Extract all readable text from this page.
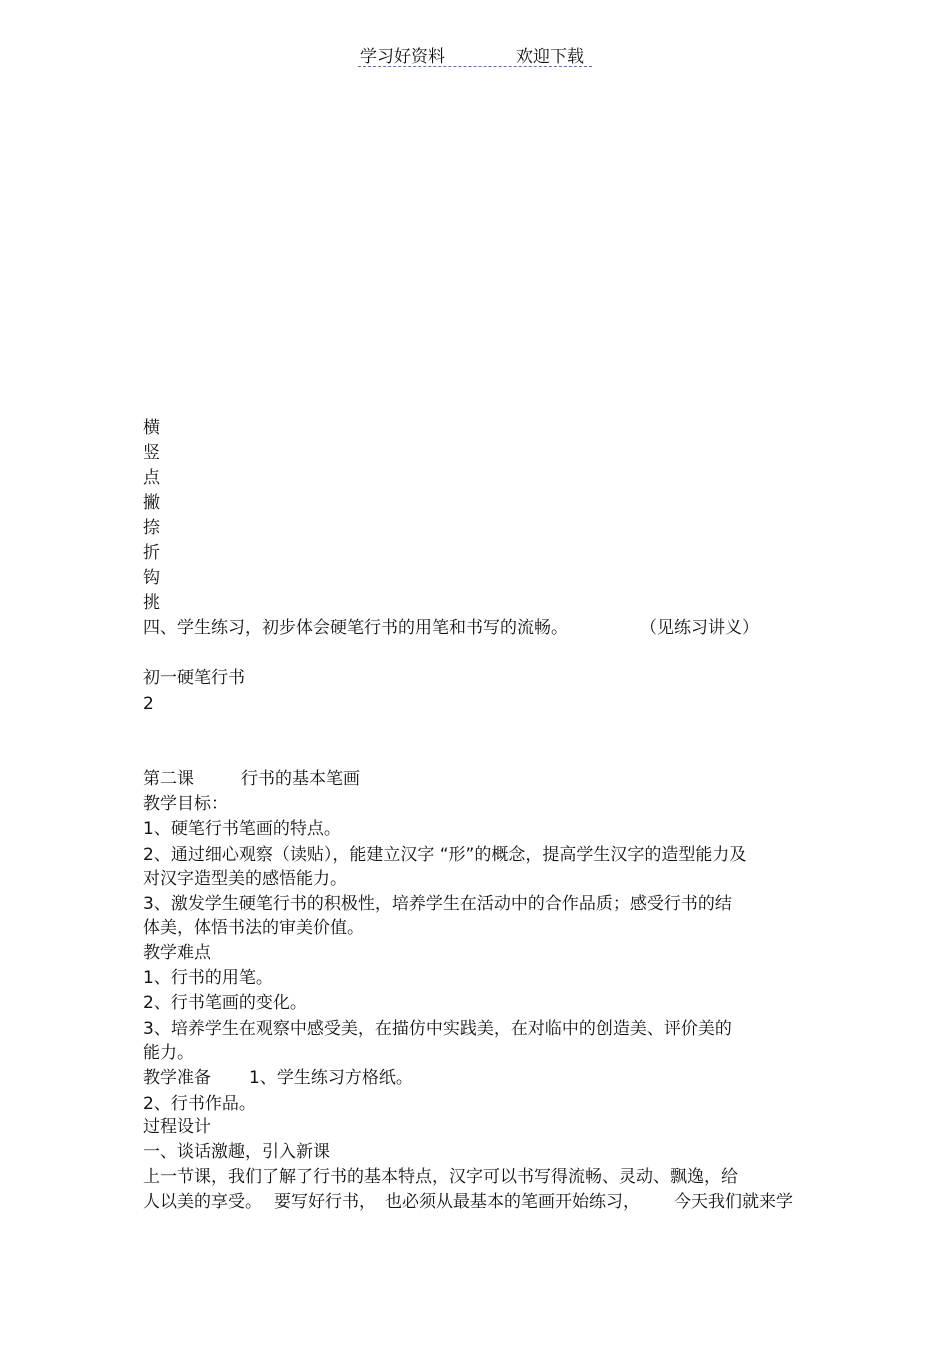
学习好资料	欢迎下载
横
竖
点
撇
捺
折
钩
挑
四、学生练习，初步体会硬笔行书的用笔和书写的流畅。	（见练习讲义）
初一硬笔行书
2
第二课	行书的基本笔画
教学目标：
1、硬笔行书笔画的特点。
2、通过细心观察（读贴），能建立汉字 “形”的概念，提高学生汉字的造型能力及
对汉字造型美的感悟能力。
3、激发学生硬笔行书的积极性，培养学生在活动中的合作品质；感受行书的结
体美，体悟书法的审美价值。
教学难点
1、行书的用笔。
2、行书笔画的变化。
3、培养学生在观察中感受美，在描仿中实践美，在对临中的创造美、评价美的
能力。
教学准备 1、学生练习方格纸。
2、行书作品。
过程设计
一、谈话激趣，引入新课
上一节课，我们了解了行书的基本特点，汉字可以书写得流畅、灵动、飘逸，给
人以美的享受。 要写好行书， 也必须从最基本的笔画开始练习， 今天我们就来学
